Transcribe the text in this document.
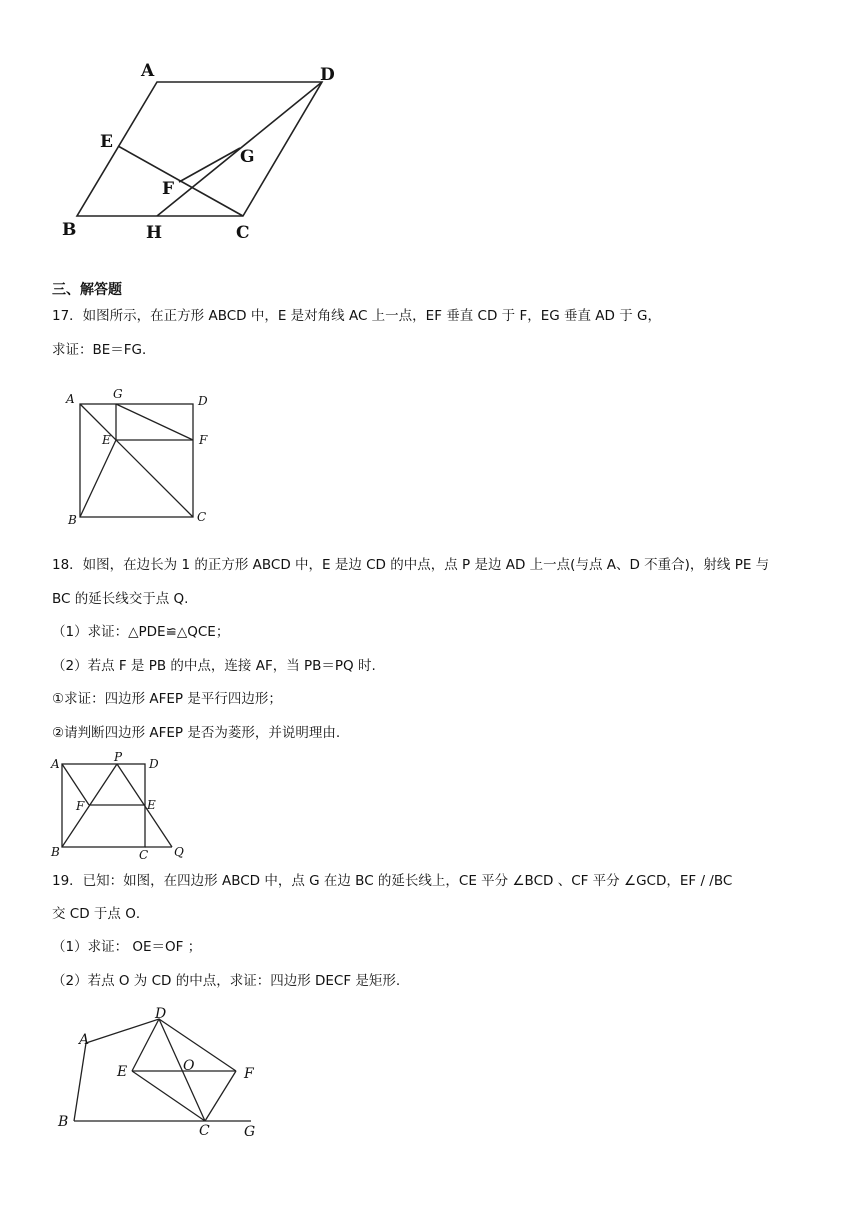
A	D
E
G
F
B	H	C
三、解答题
17．如图所示，在正方形 ABCD 中，E 是对角线 AC 上一点，EF 垂直 CD 于 F，EG 垂直 AD 于 G，
求证：BE＝FG．
A	G	D
E	F
B	C
18．如图，在边长为 1 的正方形 ABCD 中，E 是边 CD 的中点，点 P 是边 AD 上一点(与点 A、D 不重合)，射线 PE 与
BC 的延长线交于点 Q.
（1）求证：△PDE≌△QCE；
（2）若点 F 是 PB 的中点，连接 AF，当 PB＝PQ 时.
①求证：四边形 AFEP 是平行四边形；
②请判断四边形 AFEP 是否为菱形，并说明理由.
A	P D
F	E
B	C Q
19．已知：如图，在四边形 ABCD 中，点 G 在边 BC 的延长线上，CE 平分 ∠BCD 、CF 平分 ∠GCD，EF / /BC
交 CD 于点 O．
（1）求证： OE＝OF ；
（2）若点 O 为 CD 的中点，求证：四边形 DECF 是矩形.
A
D
E	O	F
B
C G
